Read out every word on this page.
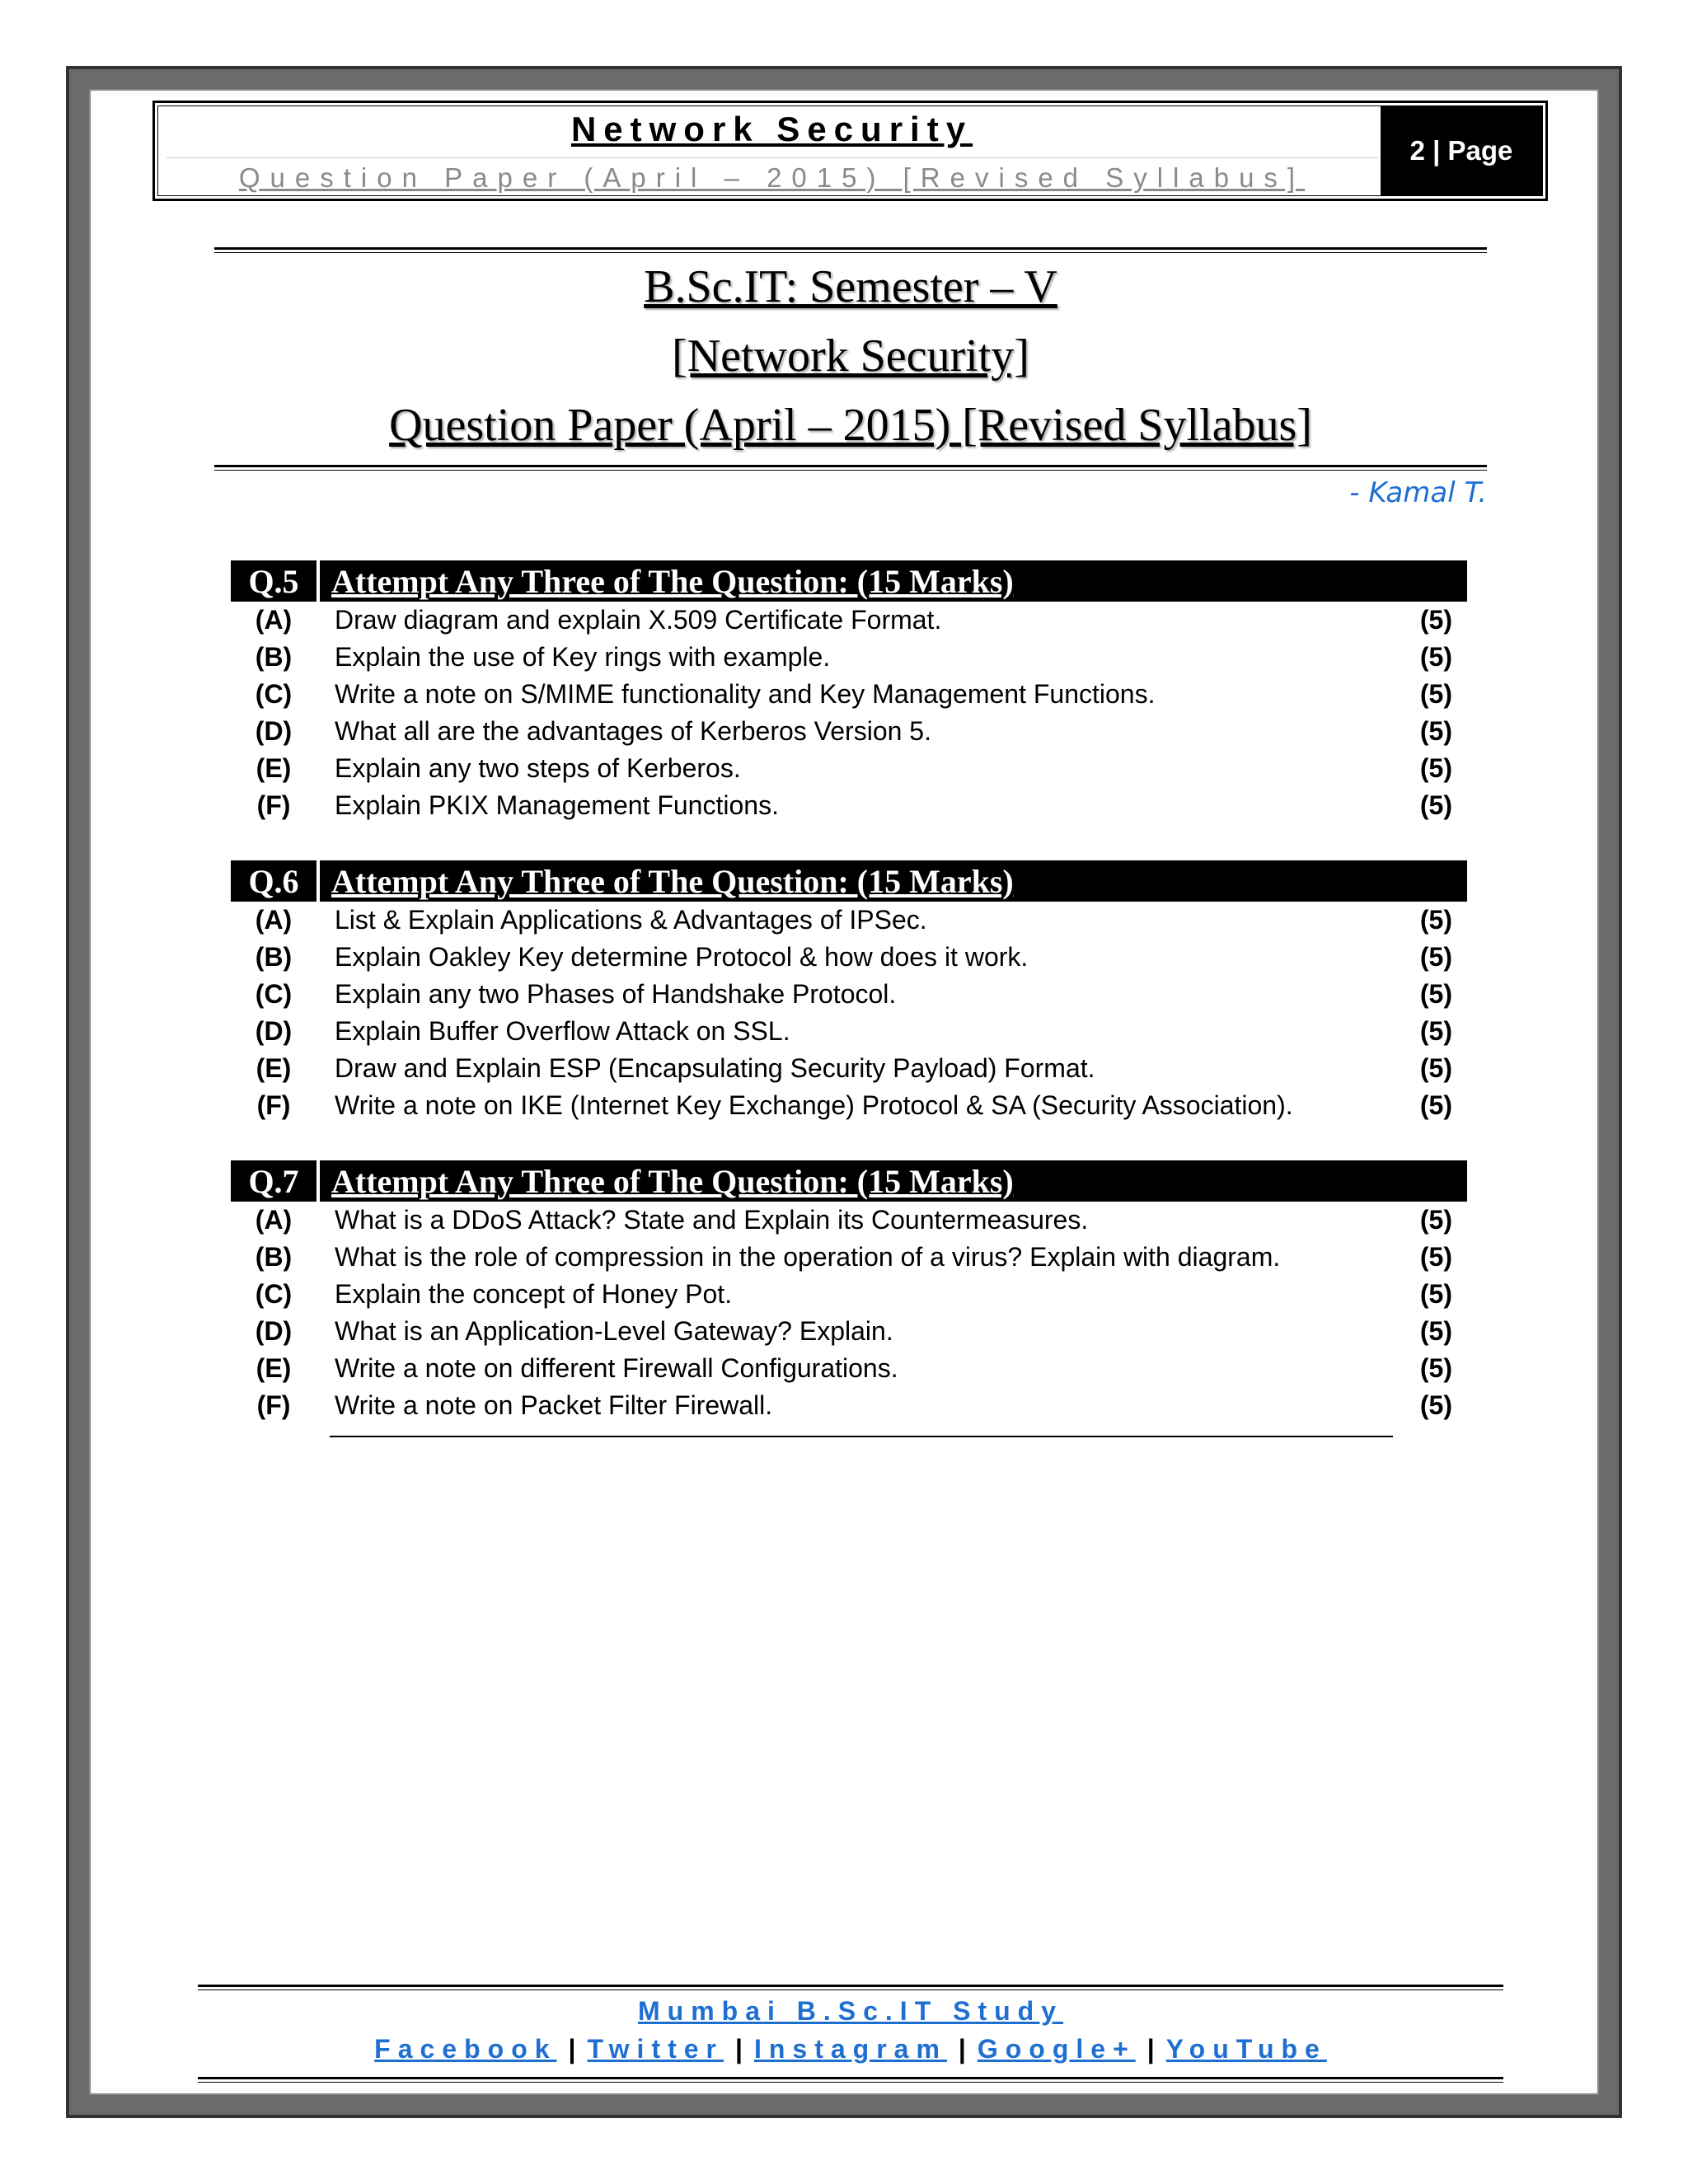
Network Security
Question Paper (April – 2015) [Revised Syllabus]
2 | Page
B.Sc.IT: Semester – V
[Network Security]
Question Paper (April – 2015) [Revised Syllabus]
- Kamal T.
Q.5 Attempt Any Three of The Question: (15 Marks)
(A)	Draw diagram and explain X.509 Certificate Format.	(5)
(B)	Explain the use of Key rings with example.	(5)
(C)	Write a note on S/MIME functionality and Key Management Functions.	(5)
(D)	What all are the advantages of Kerberos Version 5.	(5)
(E)	Explain any two steps of Kerberos.	(5)
(F)	Explain PKIX Management Functions.	(5)
Q.6 Attempt Any Three of The Question: (15 Marks)
(A)	List & Explain Applications & Advantages of IPSec.	(5)
(B)	Explain Oakley Key determine Protocol & how does it work.	(5)
(C)	Explain any two Phases of Handshake Protocol.	(5)
(D)	Explain Buffer Overflow Attack on SSL.	(5)
(E)	Draw and Explain ESP (Encapsulating Security Payload) Format.	(5)
(F)	Write a note on IKE (Internet Key Exchange) Protocol & SA (Security Association).	(5)
Q.7 Attempt Any Three of The Question: (15 Marks)
(A)	What is a DDoS Attack? State and Explain its Countermeasures.	(5)
(B)	What is the role of compression in the operation of a virus? Explain with diagram.	(5)
(C)	Explain the concept of Honey Pot.	(5)
(D)	What is an Application-Level Gateway? Explain.	(5)
(E)	Write a note on different Firewall Configurations.	(5)
(F)	Write a note on Packet Filter Firewall.	(5)
Mumbai B.Sc.IT Study
Facebook | Twitter | Instagram | Google+ | YouTube
